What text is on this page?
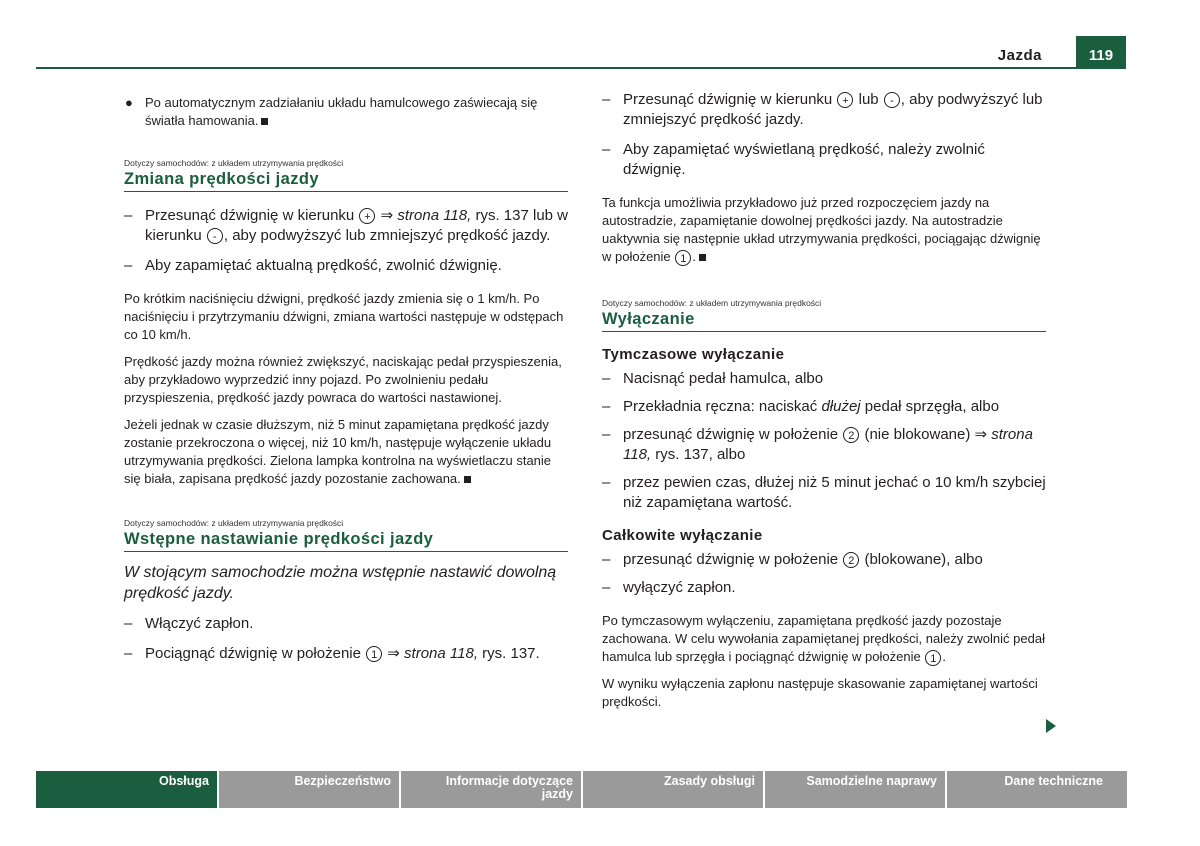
Jazda	119

● Po automatycznym zadziałaniu układu hamulcowego zaświecają się światła hamowania.

Dotyczy samochodów: z układem utrzymywania prędkości

Zmiana prędkości jazdy
– Przesunąć dźwignię w kierunku + ⇒ strona 118, rys. 137 lub w kierunku - , aby podwyższyć lub zmniejszyć prędkość jazdy.
– Aby zapamiętać aktualną prędkość, zwolnić dźwignię.

Po krótkim naciśnięciu dźwigni, prędkość jazdy zmienia się o 1 km/h. Po naciśnięciu i przytrzymaniu dźwigni, zmiana wartości następuje w odstępach co 10 km/h.

Prędkość jazdy można również zwiększyć, naciskając pedał przyspieszenia, aby przykładowo wyprzedzić inny pojazd. Po zwolnieniu pedału przyspieszenia, prędkość jazdy powraca do wartości nastawionej.

Jeżeli jednak w czasie dłuższym, niż 5 minut zapamiętana prędkość jazdy zostanie przekroczona o więcej, niż 10 km/h, następuje wyłączenie układu utrzymywania prędkości. Zielona lampka kontrolna na wyświetlaczu stanie się biała, zapisana prędkość jazdy pozostanie zachowana.

Dotyczy samochodów: z układem utrzymywania prędkości

Wstępne nastawianie prędkości jazdy

W stojącym samochodzie można wstępnie nastawić dowolną prędkość jazdy.

– Włączyć zapłon.
– Pociągnąć dźwignię w położenie 1 ⇒ strona 118, rys. 137.
– Przesunąć dźwignię w kierunku + lub - , aby podwyższyć lub zmniejszyć prędkość jazdy.
– Aby zapamiętać wyświetlaną prędkość, należy zwolnić dźwignię.

Ta funkcja umożliwia przykładowo już przed rozpoczęciem jazdy na autostradzie, zapamiętanie dowolnej prędkości jazdy. Na autostradzie uaktywnia się następnie układ utrzymywania prędkości, pociągając dźwignię w położenie 1 .

Dotyczy samochodów: z układem utrzymywania prędkości

Wyłączanie

Tymczasowe wyłączanie

– Nacisnąć pedał hamulca, albo
– Przekładnia ręczna: naciskać dłużej pedał sprzęgła, albo
– przesunąć dźwignię w położenie 2 (nie blokowane) ⇒ strona 118, rys. 137, albo
– przez pewien czas, dłużej niż 5 minut jechać o 10 km/h szybciej niż zapamiętana wartość.

Całkowite wyłączanie

– przesunąć dźwignię w położenie 2 (blokowane), albo
– wyłączyć zapłon.

Po tymczasowym wyłączeniu, zapamiętana prędkość jazdy pozostaje zachowana. W celu wywołania zapamiętanej prędkości, należy zwolnić pedał hamulca lub sprzęgła i pociągnąć dźwignię w położenie 1 .

W wyniku wyłączenia zapłonu następuje skasowanie zapamiętanej wartości prędkości.

Obsługa	Bezpieczeństwo	Informacje dotyczące jazdy
Zasady obsługi	Samodzielne naprawy	Dane techniczne
